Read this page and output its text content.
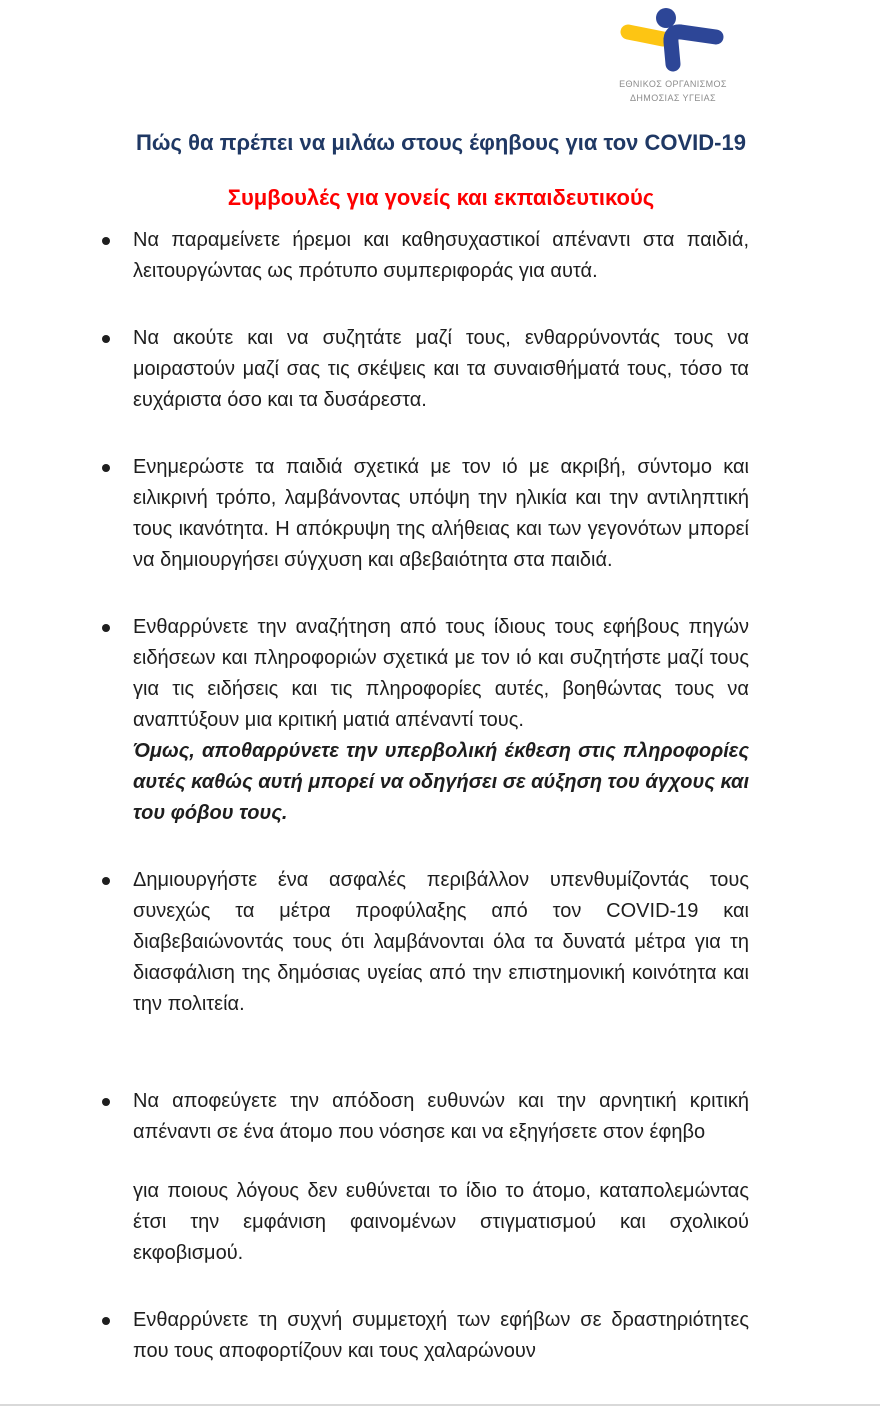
ΕΘΝΙΚΟΣ ΟΡΓΑΝΙΣΜΟΣ
ΔΗΜΟΣΙΑΣ ΥΓΕΙΑΣ
Πώς θα πρέπει να μιλάω στους έφηβους για τον COVID-19
Συμβουλές για γονείς και εκπαιδευτικούς
Να παραμείνετε ήρεμοι και καθησυχαστικοί απέναντι στα παιδιά, λειτουργώντας ως πρότυπο συμπεριφοράς για αυτά.
Να ακούτε και να συζητάτε μαζί τους, ενθαρρύνοντάς τους να μοιραστούν μαζί σας τις σκέψεις και τα συναισθήματά τους, τόσο τα ευχάριστα όσο και τα δυσάρεστα.
Ενημερώστε τα παιδιά σχετικά με τον ιό με ακριβή, σύντομο και ειλικρινή τρόπο, λαμβάνοντας υπόψη την ηλικία και την αντιληπτική τους ικανότητα. Η απόκρυψη της αλήθειας και των γεγονότων μπορεί να δημιουργήσει σύγχυση και αβεβαιότητα στα παιδιά.
Ενθαρρύνετε την αναζήτηση από τους ίδιους τους εφήβους πηγών ειδήσεων και πληροφοριών σχετικά με τον ιό και συζητήστε μαζί τους για τις ειδήσεις και τις πληροφορίες αυτές, βοηθώντας τους να αναπτύξουν μια κριτική ματιά απέναντί τους.
Όμως, αποθαρρύνετε την υπερβολική έκθεση στις πληροφορίες αυτές καθώς αυτή μπορεί να οδηγήσει σε αύξηση του άγχους και του φόβου τους.
Δημιουργήστε ένα ασφαλές περιβάλλον υπενθυμίζοντάς τους συνεχώς τα μέτρα προφύλαξης από τον COVID-19 και διαβεβαιώνοντάς τους ότι λαμβάνονται όλα τα δυνατά μέτρα για τη διασφάλιση της δημόσιας υγείας από την επιστημονική κοινότητα και την πολιτεία.
Να αποφεύγετε την απόδοση ευθυνών και την αρνητική κριτική απέναντι σε ένα άτομο που νόσησε και να εξηγήσετε στον έφηβο
για ποιους λόγους δεν ευθύνεται το ίδιο το άτομο, καταπολεμώντας έτσι την εμφάνιση φαινομένων στιγματισμού και σχολικού εκφοβισμού.
Ενθαρρύνετε τη συχνή συμμετοχή των εφήβων σε δραστηριότητες που τους αποφορτίζουν και τους χαλαρώνουν
